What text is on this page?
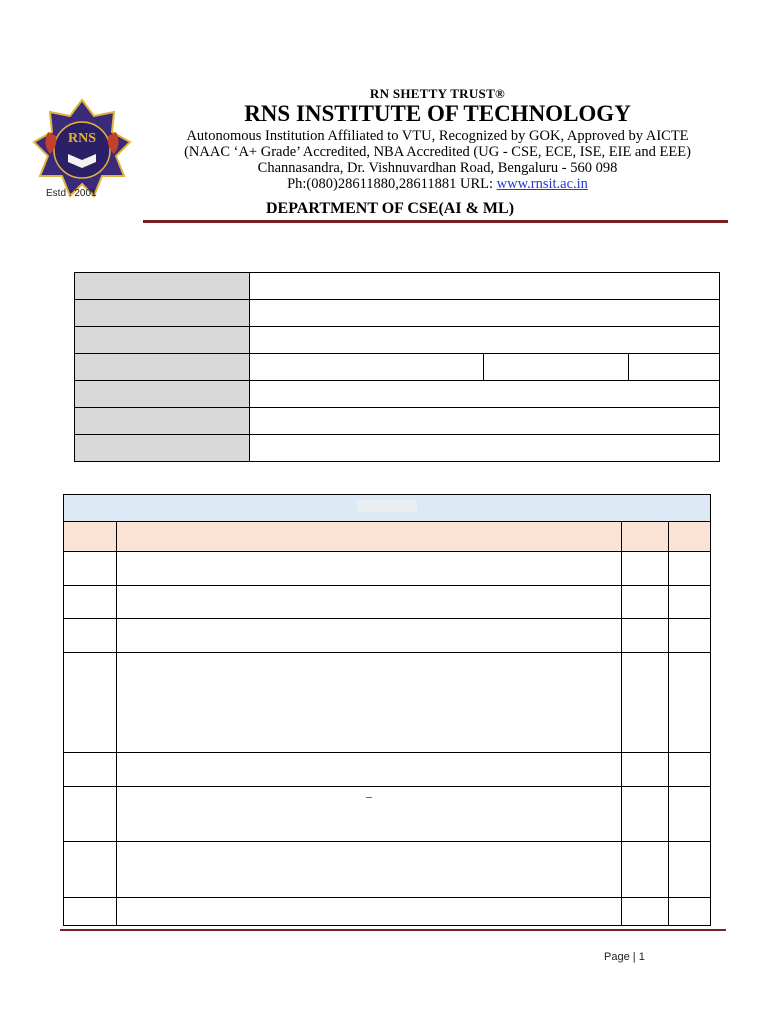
RNS
Estd : 2001
RN SHETTY TRUST®
RNS INSTITUTE OF TECHNOLOGY
Autonomous Institution Affiliated to VTU, Recognized by GOK, Approved by AICTE
(NAAC ‘A+ Grade’ Accredited, NBA Accredited (UG - CSE, ECE, ISE, EIE and EEE)
Channasandra, Dr. Vishnuvardhan Road, Bengaluru - 560 098
Ph:(080)28611880,28611881 URL: www.rnsit.ac.in
DEPARTMENT OF CSE(AI & ML)

	–		

Page | 1
